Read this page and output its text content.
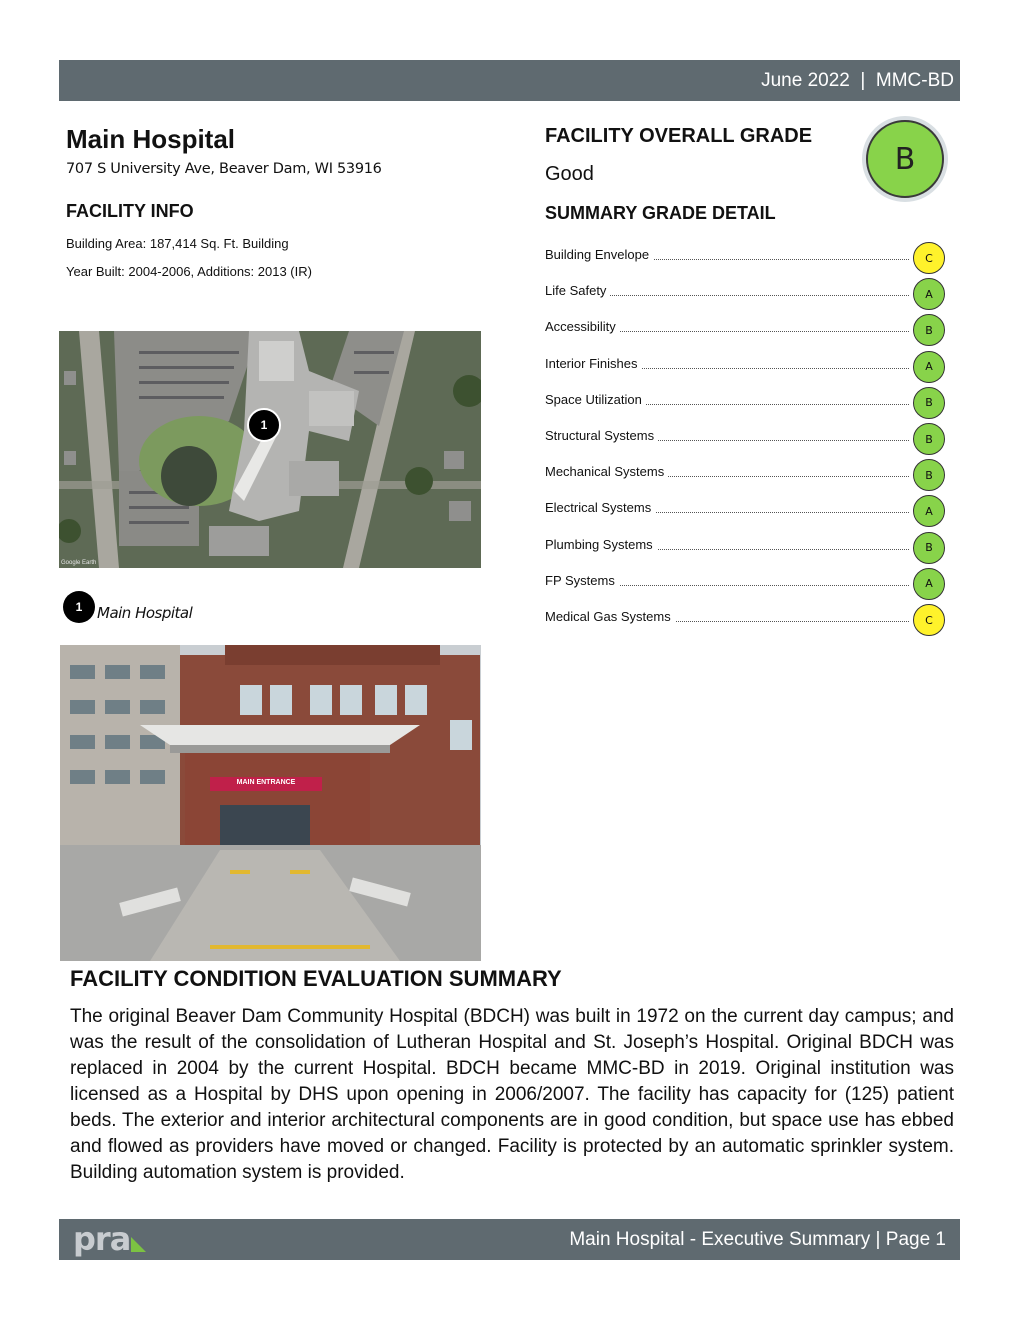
June 2022  |  MMC-BD
Main Hospital
707 S University Ave, Beaver Dam, WI 53916
FACILITY INFO
Building Area: 187,414 Sq. Ft. Building
Year Built: 2004-2006, Additions: 2013 (IR)
1
Google Earth
1 Main Hospital
MAIN ENTRANCE
FACILITY OVERALL GRADE
Good	B
SUMMARY GRADE DETAIL
Building Envelope	C
Life Safety	A
Accessibility	B
Interior Finishes	A
Space Utilization	B
Structural Systems	B
Mechanical Systems	B
Electrical Systems	A
Plumbing Systems	B
FP Systems	A
Medical Gas Systems	C
FACILITY CONDITION EVALUATION SUMMARY
The original Beaver Dam Community Hospital (BDCH) was built in 1972 on the current day campus; and was the result of the consolidation of Lutheran Hospital and St. Joseph’s Hospital. Original BDCH was replaced in 2004 by the current Hospital. BDCH became MMC-BD in 2019. Original institution was licensed as a Hospital by DHS upon opening in 2006/2007. The facility has capacity for (125) patient beds. The exterior and interior architectural components are in good condition, but space use has ebbed and flowed as providers have moved or changed. Facility is protected by an automatic sprinkler system. Building automation system is provided.
pra	Main Hospital - Executive Summary | Page 1
